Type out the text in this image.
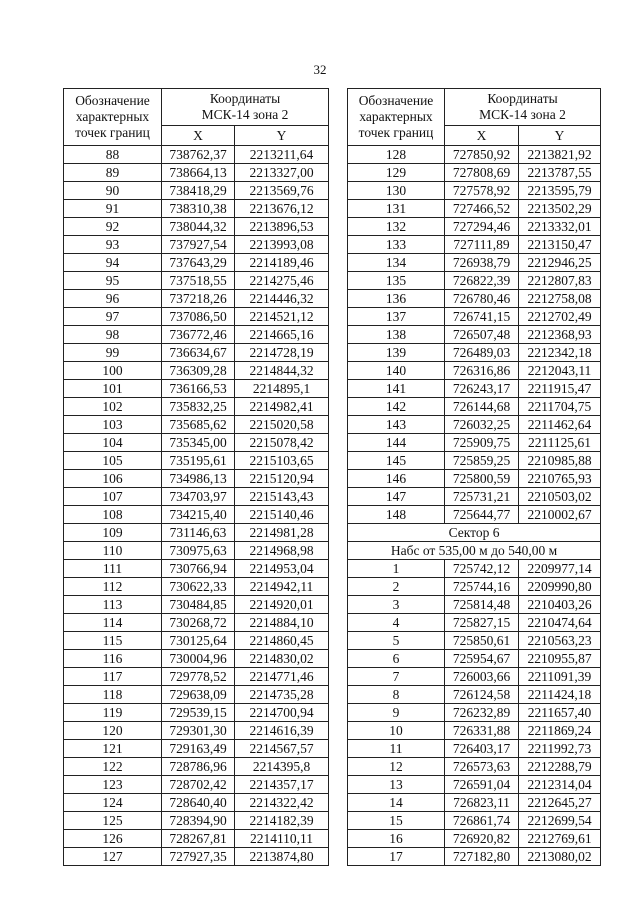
32
Обозначение
характерных
точек границ	Координаты
МСК-14 зона 2	
	X	Y
88	738762,37	2213211,64
89	738664,13	2213327,00
90	738418,29	2213569,76
91	738310,38	2213676,12
92	738044,32	2213896,53
93	737927,54	2213993,08
94	737643,29	2214189,46
95	737518,55	2214275,46
96	737218,26	2214446,32
97	737086,50	2214521,12
98	736772,46	2214665,16
99	736634,67	2214728,19
100	736309,28	2214844,32
101	736166,53	2214895,1
102	735832,25	2214982,41
103	735685,62	2215020,58
104	735345,00	2215078,42
105	735195,61	2215103,65
106	734986,13	2215120,94
107	734703,97	2215143,43
108	734215,40	2215140,46
109	731146,63	2214981,28
110	730975,63	2214968,98
111	730766,94	2214953,04
112	730622,33	2214942,11
113	730484,85	2214920,01
114	730268,72	2214884,10
115	730125,64	2214860,45
116	730004,96	2214830,02
117	729778,52	2214771,46
118	729638,09	2214735,28
119	729539,15	2214700,94
120	729301,30	2214616,39
121	729163,49	2214567,57
122	728786,96	2214395,8
123	728702,42	2214357,17
124	728640,40	2214322,42
125	728394,90	2214182,39
126	728267,81	2214110,11
127	727927,35	2213874,80
Обозначение
характерных
точек границ	Координаты
МСК-14 зона 2	
	X	Y
128	727850,92	2213821,92
129	727808,69	2213787,55
130	727578,92	2213595,79
131	727466,52	2213502,29
132	727294,46	2213332,01
133	727111,89	2213150,47
134	726938,79	2212946,25
135	726822,39	2212807,83
136	726780,46	2212758,08
137	726741,15	2212702,49
138	726507,48	2212368,93
139	726489,03	2212342,18
140	726316,86	2212043,11
141	726243,17	2211915,47
142	726144,68	2211704,75
143	726032,25	2211462,64
144	725909,75	2211125,61
145	725859,25	2210985,88
146	725800,59	2210765,93
147	725731,21	2210503,02
148	725644,77	2210002,67
Сектор 6		
Набс от 535,00 м до 540,00 м		
1	725742,12	2209977,14
2	725744,16	2209990,80
3	725814,48	2210403,26
4	725827,15	2210474,64
5	725850,61	2210563,23
6	725954,67	2210955,87
7	726003,66	2211091,39
8	726124,58	2211424,18
9	726232,89	2211657,40
10	726331,88	2211869,24
11	726403,17	2211992,73
12	726573,63	2212288,79
13	726591,04	2212314,04
14	726823,11	2212645,27
15	726861,74	2212699,54
16	726920,82	2212769,61
17	727182,80	2213080,02
